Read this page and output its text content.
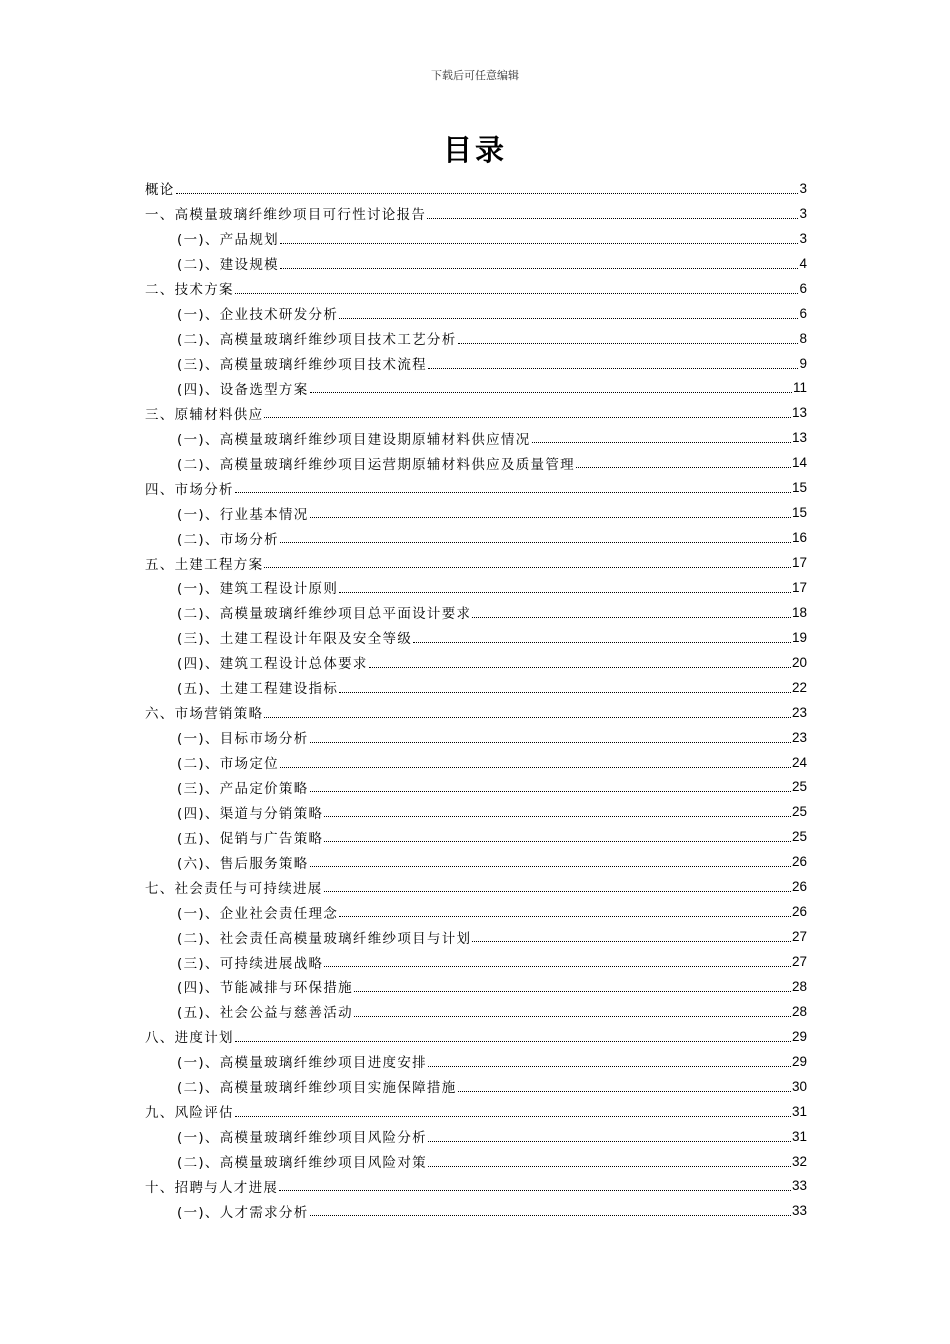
下载后可任意编辑
目录
概论	3
一、高模量玻璃纤维纱项目可行性讨论报告	3
(一)、产品规划	3
(二)、建设规模	4
二、技术方案	6
(一)、企业技术研发分析	6
(二)、高模量玻璃纤维纱项目技术工艺分析	8
(三)、高模量玻璃纤维纱项目技术流程	9
(四)、设备选型方案	11
三、原辅材料供应	13
(一)、高模量玻璃纤维纱项目建设期原辅材料供应情况	13
(二)、高模量玻璃纤维纱项目运营期原辅材料供应及质量管理	14
四、市场分析	15
(一)、行业基本情况	15
(二)、市场分析	16
五、土建工程方案	17
(一)、建筑工程设计原则	17
(二)、高模量玻璃纤维纱项目总平面设计要求	18
(三)、土建工程设计年限及安全等级	19
(四)、建筑工程设计总体要求	20
(五)、土建工程建设指标	22
六、市场营销策略	23
(一)、目标市场分析	23
(二)、市场定位	24
(三)、产品定价策略	25
(四)、渠道与分销策略	25
(五)、促销与广告策略	25
(六)、售后服务策略	26
七、社会责任与可持续进展	26
(一)、企业社会责任理念	26
(二)、社会责任高模量玻璃纤维纱项目与计划	27
(三)、可持续进展战略	27
(四)、节能减排与环保措施	28
(五)、社会公益与慈善活动	28
八、进度计划	29
(一)、高模量玻璃纤维纱项目进度安排	29
(二)、高模量玻璃纤维纱项目实施保障措施	30
九、风险评估	31
(一)、高模量玻璃纤维纱项目风险分析	31
(二)、高模量玻璃纤维纱项目风险对策	32
十、招聘与人才进展	33
(一)、人才需求分析	33
